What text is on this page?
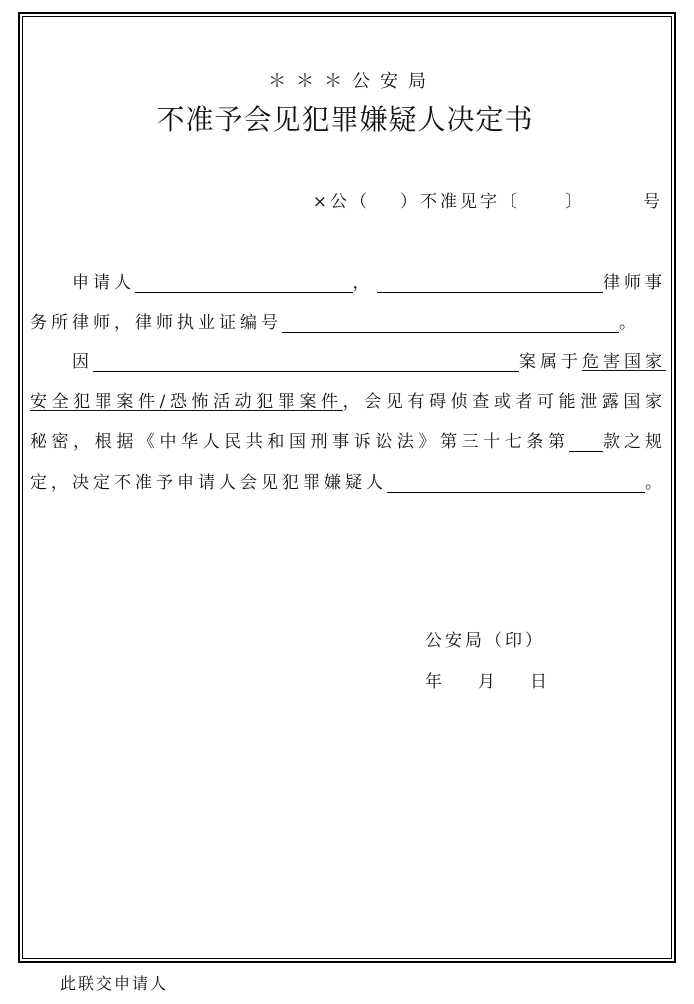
＊＊＊公安局
不准予会见犯罪嫌疑人决定书
×公（ ）不准见字〔	〕	号
申请人	，	律师事
务所律师，律师执业证编号	。
因	案属于 危害国家
安全犯罪案件/恐怖活动犯罪案件，会见有碍侦查或者可能泄露国家
秘密，根据《中华人民共和国刑事诉讼法》第三十七条第 款之规
定，决定不准予申请人会见犯罪嫌疑人	。
公安局（印）
年 月 日
此联交申请人
